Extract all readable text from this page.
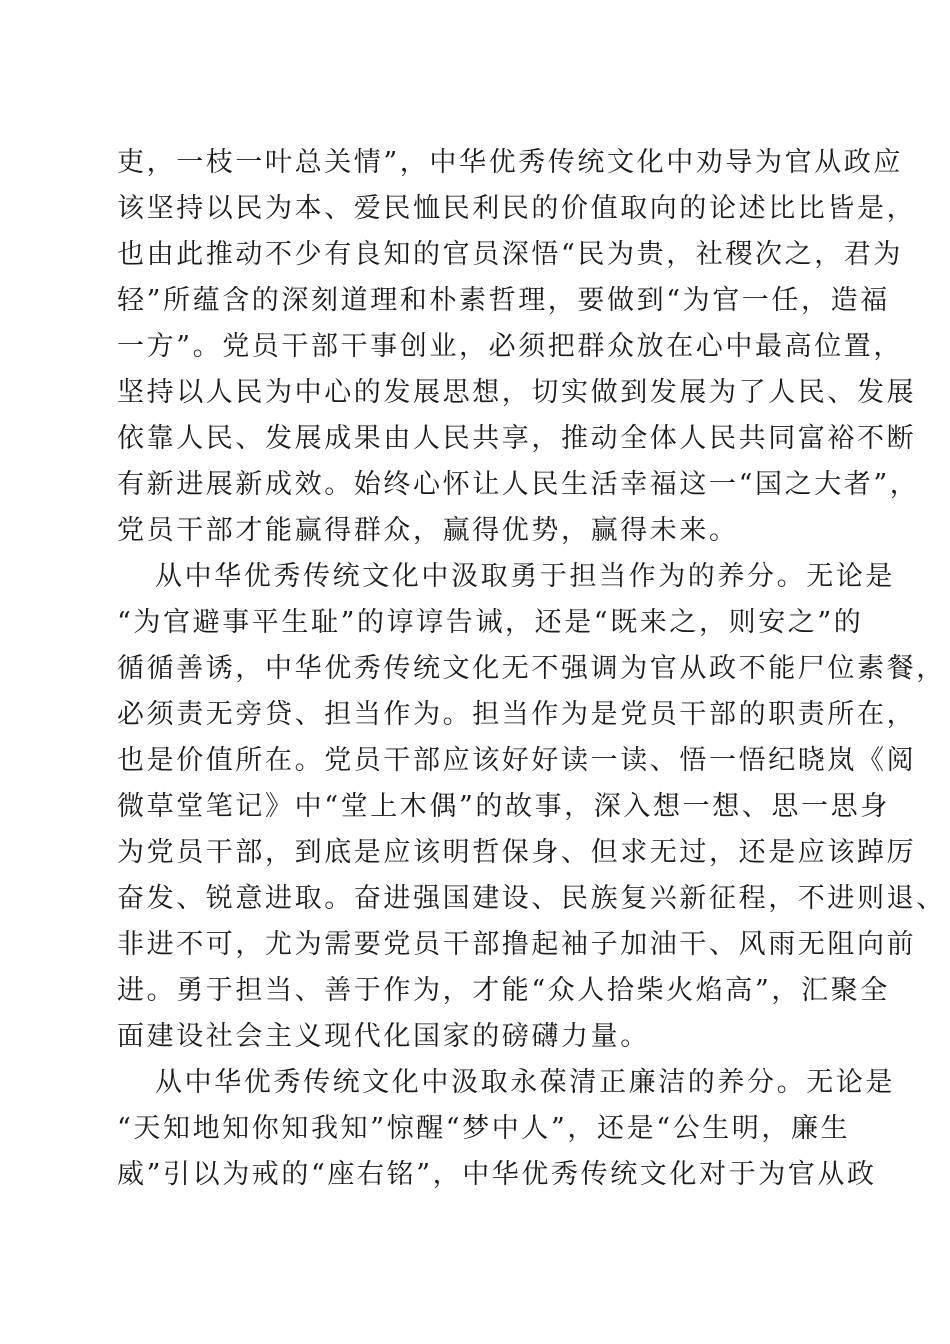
吏，一枝一叶总关情”，中华优秀传统文化中劝导为官从政应
该坚持以民为本、爱民恤民利民的价值取向的论述比比皆是，
也由此推动不少有良知的官员深悟“民为贵，社稷次之，君为
轻”所蕴含的深刻道理和朴素哲理，要做到“为官一任，造福
一方”。党员干部干事创业，必须把群众放在心中最高位置，
坚持以人民为中心的发展思想，切实做到发展为了人民、发展
依靠人民、发展成果由人民共享，推动全体人民共同富裕不断
有新进展新成效。始终心怀让人民生活幸福这一“国之大者”，
党员干部才能赢得群众，赢得优势，赢得未来。
从中华优秀传统文化中汲取勇于担当作为的养分。无论是
“为官避事平生耻”的谆谆告诫，还是“既来之，则安之”的
循循善诱，中华优秀传统文化无不强调为官从政不能尸位素餐，
必须责无旁贷、担当作为。担当作为是党员干部的职责所在，
也是价值所在。党员干部应该好好读一读、悟一悟纪晓岚《阅
微草堂笔记》中“堂上木偶”的故事，深入想一想、思一思身
为党员干部，到底是应该明哲保身、但求无过，还是应该踔厉
奋发、锐意进取。奋进强国建设、民族复兴新征程，不进则退、
非进不可，尤为需要党员干部撸起袖子加油干、风雨无阻向前
进。勇于担当、善于作为，才能“众人拾柴火焰高”，汇聚全
面建设社会主义现代化国家的磅礴力量。
从中华优秀传统文化中汲取永葆清正廉洁的养分。无论是
“天知地知你知我知”惊醒“梦中人”，还是“公生明，廉生
威”引以为戒的“座右铭”，中华优秀传统文化对于为官从政
